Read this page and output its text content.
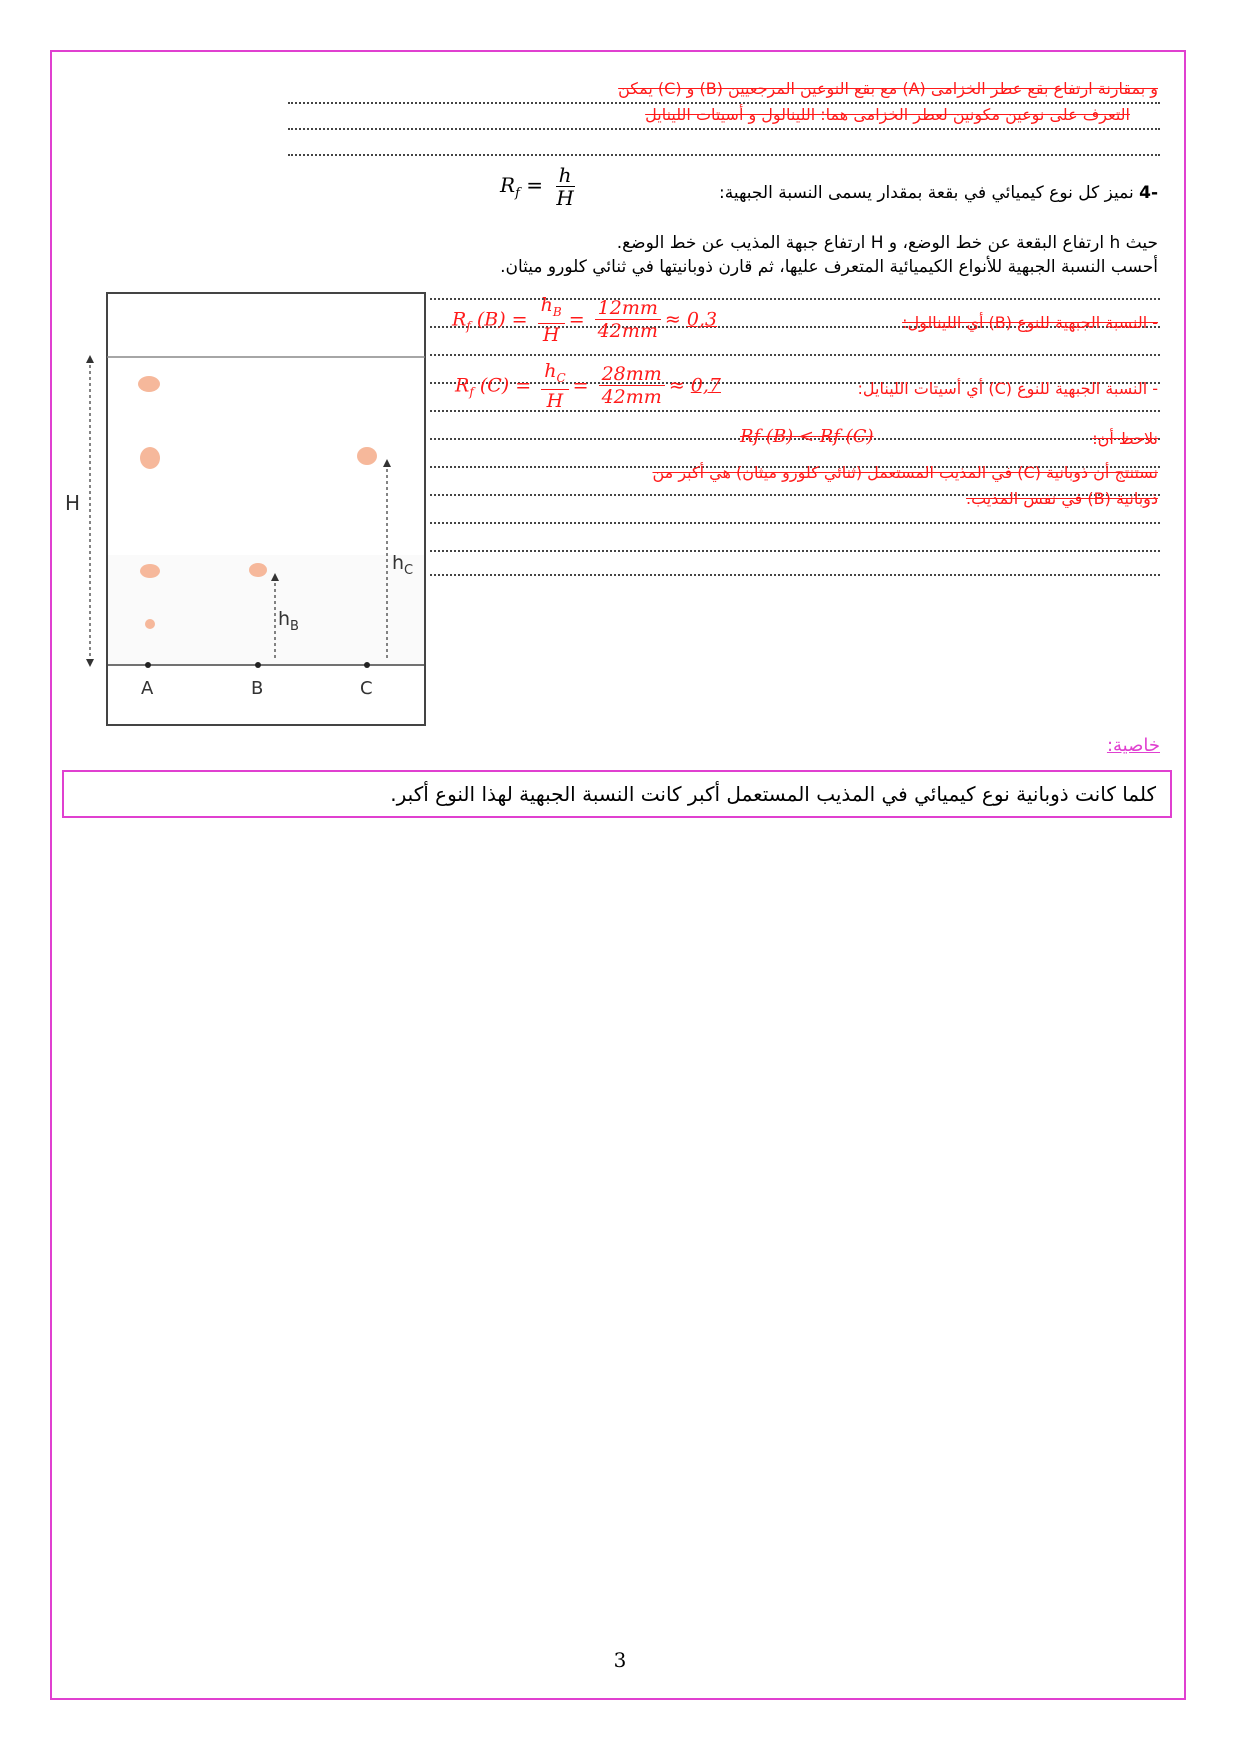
و بمقارنة ارتفاع بقع عطر الخزامى (A) مع بقع النوعين المرجعيين (B) و (C) يمكن
التعرف على نوعين مكونين لعطر الخزامى هما: اللينالول و أسيتات اللينايل
-4 نميز كل نوع كيميائي في بقعة بمقدار يسمى النسبة الجبهية:
$R_f = \frac{h}{H}$
حيث h ارتفاع البقعة عن خط الوضع، و H ارتفاع جبهة المذيب عن خط الوضع.
أحسب النسبة الجبهية للأنواع الكيميائية المتعرف عليها، ثم قارن ذوبانيتها في ثنائي كلورو ميثان.
- النسبة الجبهية للنوع (B) أي اللينالول:
$R_f$ $(B) = \frac{h_B}{H} = \frac{12mm}{42mm} \approx 0,3$
- النسبة الجبهية للنوع (C) أي أسيتات اللينايل:
$R_f$ $(C) = \frac{h_C}{H} = \frac{28mm}{42mm} \approx 0,7$
نلاحظ أن:
Rf (B) < Rf (C)
نستنتج أن ذوبانية (C) في المذيب المستعمل (ثنائي كلورو ميثان) هي أكبر من
ذوبانية (B) في نفس المذيب.
H
$h_B$
$h_C$
A	B	C
خاصية:
كلما كانت ذوبانية نوع كيميائي في المذيب المستعمل أكبر كانت النسبة الجبهية لهذا النوع أكبر.
3
